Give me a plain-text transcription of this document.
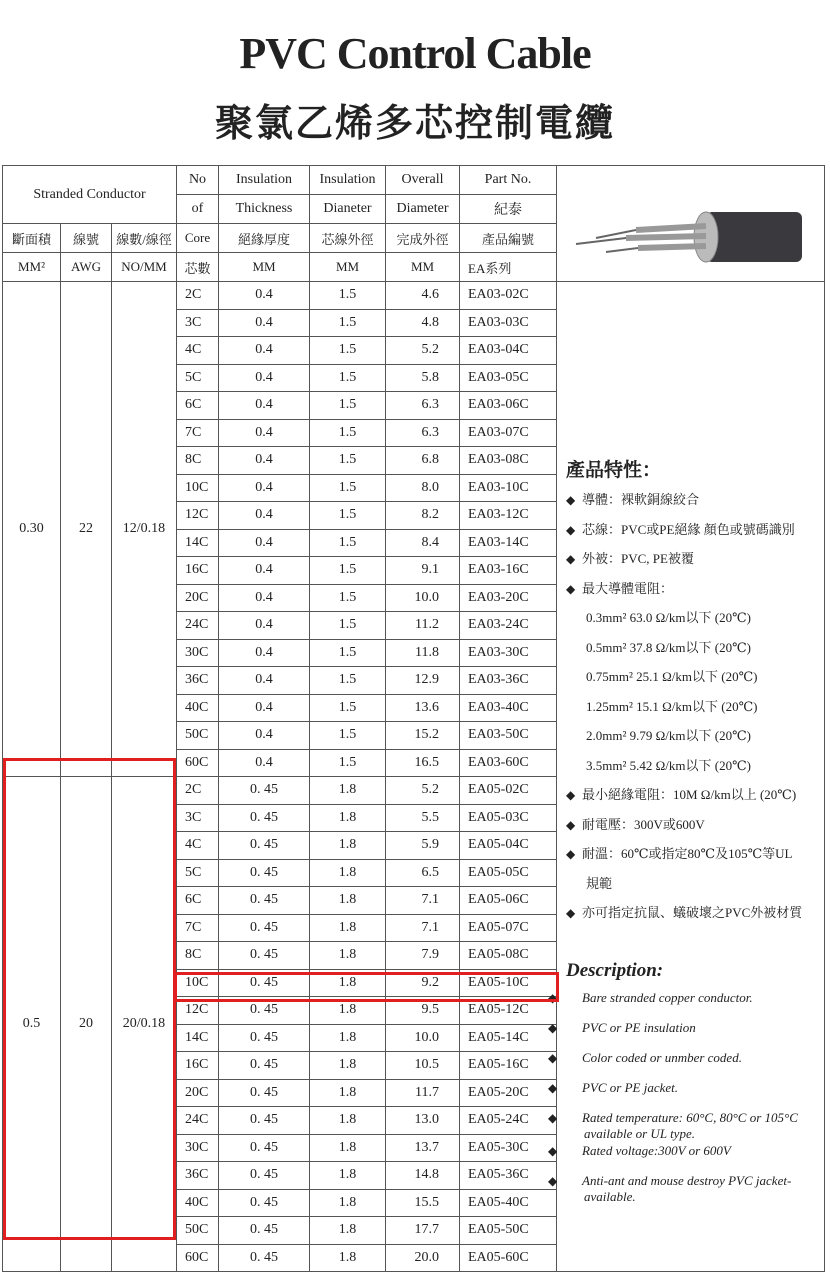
PVC Control Cable
聚氯乙烯多芯控制電纜
Stranded Conductor			No	Insulation	Insulation	Overall	Part No.	
			of	Thickness	Dianeter	Diameter	紀泰	
斷面積	線號	線數/線徑	Core	絕緣厚度	芯線外徑	完成外徑	產品編號	
MM²	AWG	NO/MM	芯數	MM	MM	MM	EA系列	
0.30	22	12/0.18	2C	0.4	1.5	4.6	EA03-02C	
			3C	0.4	1.5	4.8	EA03-03C	
			4C	0.4	1.5	5.2	EA03-04C	
			5C	0.4	1.5	5.8	EA03-05C	
			6C	0.4	1.5	6.3	EA03-06C	
			7C	0.4	1.5	6.3	EA03-07C	
			8C	0.4	1.5	6.8	EA03-08C	
			10C	0.4	1.5	8.0	EA03-10C	
			12C	0.4	1.5	8.2	EA03-12C	
			14C	0.4	1.5	8.4	EA03-14C	
			16C	0.4	1.5	9.1	EA03-16C	
			20C	0.4	1.5	10.0	EA03-20C	
			24C	0.4	1.5	11.2	EA03-24C	
			30C	0.4	1.5	11.8	EA03-30C	
			36C	0.4	1.5	12.9	EA03-36C	
			40C	0.4	1.5	13.6	EA03-40C	
			50C	0.4	1.5	15.2	EA03-50C	
			60C	0.4	1.5	16.5	EA03-60C	
0.5	20	20/0.18	2C	0. 45	1.8	5.2	EA05-02C	
			3C	0. 45	1.8	5.5	EA05-03C	
			4C	0. 45	1.8	5.9	EA05-04C	
			5C	0. 45	1.8	6.5	EA05-05C	
			6C	0. 45	1.8	7.1	EA05-06C	
			7C	0. 45	1.8	7.1	EA05-07C	
			8C	0. 45	1.8	7.9	EA05-08C	
			10C	0. 45	1.8	9.2	EA05-10C	
			12C	0. 45	1.8	9.5	EA05-12C	
			14C	0. 45	1.8	10.0	EA05-14C	
			16C	0. 45	1.8	10.5	EA05-16C	
			20C	0. 45	1.8	11.7	EA05-20C	
			24C	0. 45	1.8	13.0	EA05-24C	
			30C	0. 45	1.8	13.7	EA05-30C	
			36C	0. 45	1.8	14.8	EA05-36C	
			40C	0. 45	1.8	15.5	EA05-40C	
			50C	0. 45	1.8	17.7	EA05-50C	
			60C	0. 45	1.8	20.0	EA05-60C	
產品特性：
◆ 導體：裸軟銅線絞合
◆ 芯線：PVC或PE絕緣 顏色或號碼識別
◆ 外被：PVC, PE被覆
◆ 最大導體電阻：
0.3mm² 63.0 Ω/km以下 (20℃)
0.5mm² 37.8 Ω/km以下 (20℃)
0.75mm² 25.1 Ω/km以下 (20℃)
1.25mm² 15.1 Ω/km以下 (20℃)
2.0mm² 9.79 Ω/km以下 (20℃)
3.5mm² 5.42 Ω/km以下 (20℃)
◆ 最小絕緣電阻：10M Ω/km以上 (20℃)
◆ 耐電壓：300V或600V
◆ 耐溫：60℃或指定80℃及105℃等UL
規範
◆ 亦可指定抗鼠、蟻破壞之PVC外被材質
Description:
◆ Bare stranded copper conductor.
◆ PVC or PE insulation
◆ Color coded or unmber coded.
◆ PVC or PE jacket.
◆ Rated temperature: 60°C, 80°C or 105°C available or UL type.
◆ Rated voltage:300V or 600V
◆ Anti-ant and mouse destroy PVC jacket-available.
